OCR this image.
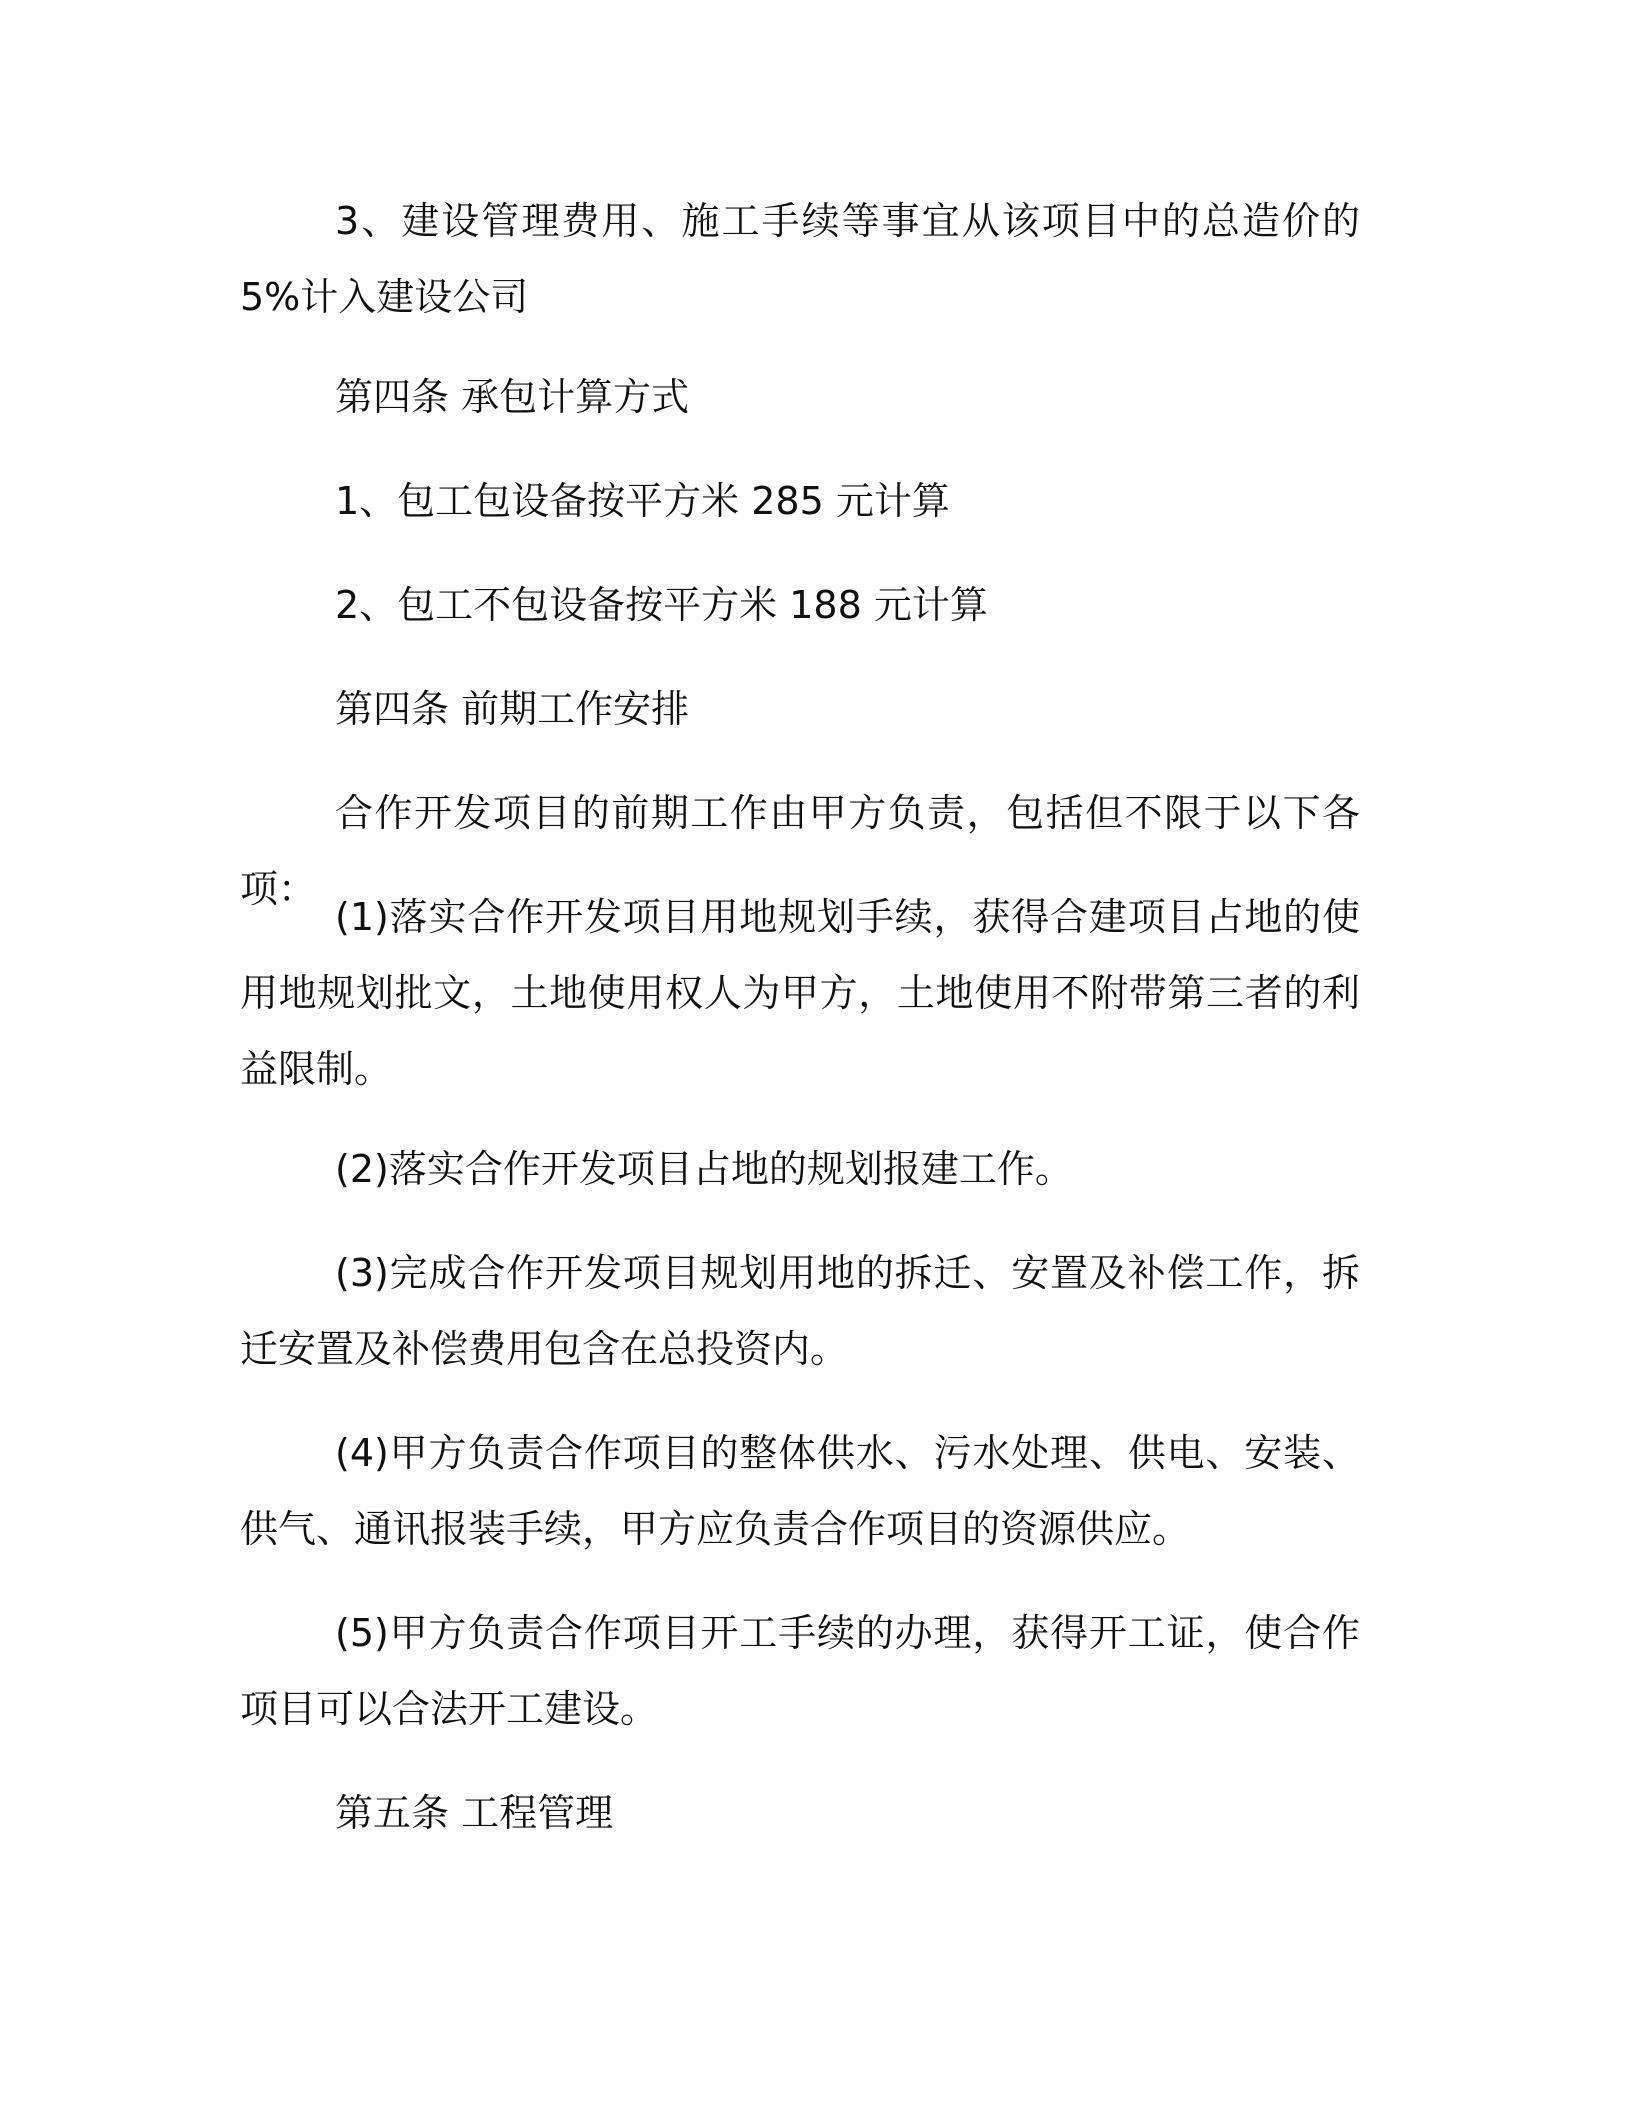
3、建设管理费用、施工手续等事宜从该项目中的总造价的 5%计入建设公司

第四条 承包计算方式

1、包工包设备按平方米 285 元计算

2、包工不包设备按平方米 188 元计算

第四条 前期工作安排

合作开发项目的前期工作由甲方负责，包括但不限于以下各项：

(1)落实合作开发项目用地规划手续，获得合建项目占地的使用地规划批文，土地使用权人为甲方，土地使用不附带第三者的利益限制。

(2)落实合作开发项目占地的规划报建工作。

(3)完成合作开发项目规划用地的拆迁、安置及补偿工作，拆迁安置及补偿费用包含在总投资内。

(4)甲方负责合作项目的整体供水、污水处理、供电、安装、供气、通讯报装手续，甲方应负责合作项目的资源供应。

(5)甲方负责合作项目开工手续的办理，获得开工证，使合作项目可以合法开工建设。

第五条 工程管理
